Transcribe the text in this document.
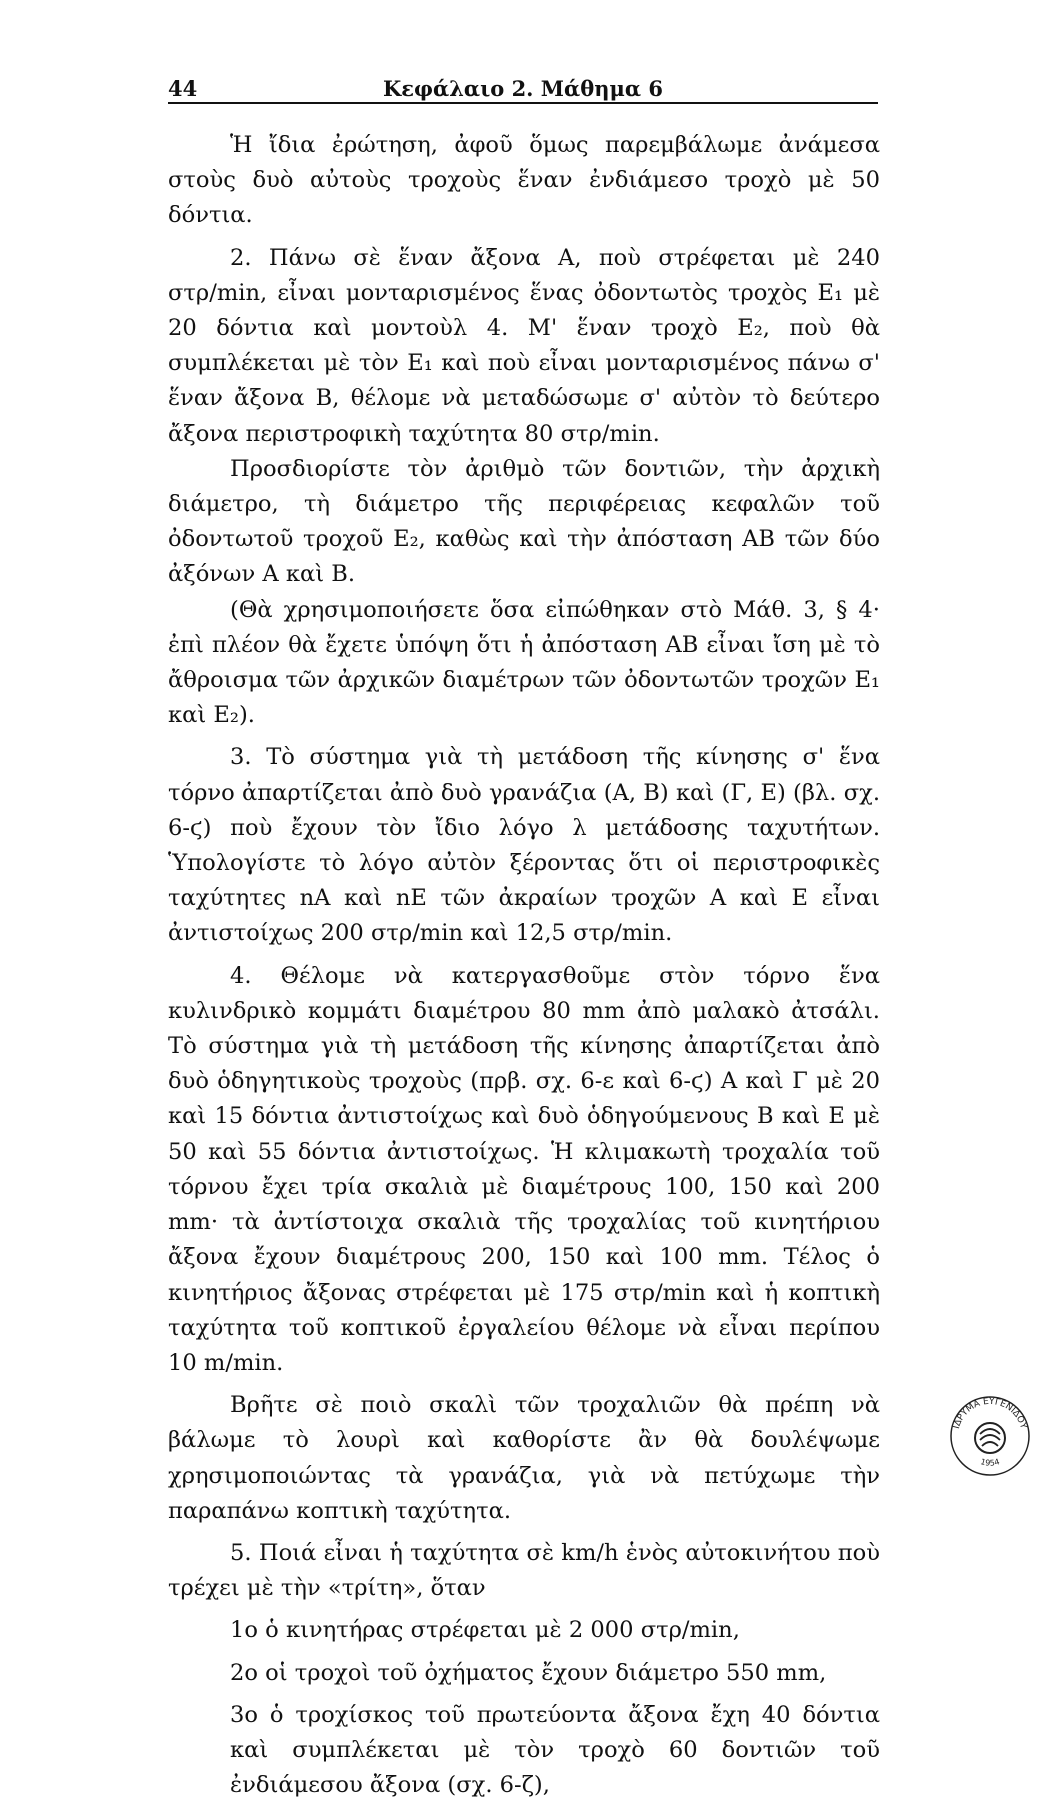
44	Κεφάλαιο 2. Μάθημα 6

Ἡ ἴδια ἐρώτηση, ἀφοῦ ὅμως παρεμβάλωμε ἀνάμεσα στοὺς δυὸ αὐτοὺς τροχοὺς ἕναν ἐνδιάμεσο τροχὸ μὲ 50 δόντια.

2. Πάνω σὲ ἕναν ἄξονα Α, ποὺ στρέφεται μὲ 240 στρ/min, εἶναι μονταρισμένος ἕνας ὀδοντωτὸς τροχὸς Ε₁ μὲ 20 δόντια καὶ μοντοὺλ 4. Μ' ἕναν τροχὸ Ε₂, ποὺ θὰ συμπλέκεται μὲ τὸν Ε₁ καὶ ποὺ εἶναι μονταρισμένος πάνω σ' ἕναν ἄξονα Β, θέλομε νὰ μεταδώσωμε σ' αὐτὸν τὸ δεύτερο ἄξονα περιστροφικὴ ταχύτητα 80 στρ/min.

Προσδιορίστε τὸν ἀριθμὸ τῶν δοντιῶν, τὴν ἀρχικὴ διάμετρο, τὴ διάμετρο τῆς περιφέρειας κεφαλῶν τοῦ ὀδοντωτοῦ τροχοῦ Ε₂, καθὼς καὶ τὴν ἀπόσταση ΑΒ τῶν δύο ἀξόνων Α καὶ Β.

(Θὰ χρησιμοποιήσετε ὅσα εἰπώθηκαν στὸ Μάθ. 3, § 4· ἐπὶ πλέον θὰ ἔχετε ὑπόψη ὅτι ἡ ἀπόσταση ΑΒ εἶναι ἴση μὲ τὸ ἄθροισμα τῶν ἀρχικῶν διαμέτρων τῶν ὀδοντωτῶν τροχῶν Ε₁ καὶ Ε₂).

3. Τὸ σύστημα γιὰ τὴ μετάδοση τῆς κίνησης σ' ἕνα τόρνο ἀπαρτίζεται ἀπὸ δυὸ γρανάζια (Α, Β) καὶ (Γ, Ε) (βλ. σχ. 6-ϛ) ποὺ ἔχουν τὸν ἴδιο λόγο λ μετάδοσης ταχυτήτων. Ὑπολογίστε τὸ λόγο αὐτὸν ξέροντας ὅτι οἱ περιστροφικὲς ταχύτητες nA καὶ nE τῶν ἀκραίων τροχῶν Α καὶ Ε εἶναι ἀντιστοίχως 200 στρ/min καὶ 12,5 στρ/min.

4. Θέλομε νὰ κατεργασθοῦμε στὸν τόρνο ἕνα κυλινδρικὸ κομμάτι διαμέτρου 80 mm ἀπὸ μαλακὸ ἀτσάλι. Τὸ σύστημα γιὰ τὴ μετάδοση τῆς κίνησης ἀπαρτίζεται ἀπὸ δυὸ ὁδηγητικοὺς τροχοὺς (πρβ. σχ. 6-ε καὶ 6-ϛ) Α καὶ Γ μὲ 20 καὶ 15 δόντια ἀντιστοίχως καὶ δυὸ ὁδηγούμενους Β καὶ Ε μὲ 50 καὶ 55 δόντια ἀντιστοίχως. Ἡ κλιμακωτὴ τροχαλία τοῦ τόρνου ἔχει τρία σκαλιὰ μὲ διαμέτρους 100, 150 καὶ 200 mm· τὰ ἀντίστοιχα σκαλιὰ τῆς τροχαλίας τοῦ κινητήριου ἄξονα ἔχουν διαμέτρους 200, 150 καὶ 100 mm. Τέλος ὁ κινητήριος ἄξονας στρέφεται μὲ 175 στρ/min καὶ ἡ κοπτικὴ ταχύτητα τοῦ κοπτικοῦ ἐργαλείου θέλομε νὰ εἶναι περίπου 10 m/min.

Βρῆτε σὲ ποιὸ σκαλὶ τῶν τροχαλιῶν θὰ πρέπη νὰ βάλωμε τὸ λουρὶ καὶ καθορίστε ἂν θὰ δουλέψωμε χρησιμοποιώντας τὰ γρανάζια, γιὰ νὰ πετύχωμε τὴν παραπάνω κοπτικὴ ταχύτητα.

5. Ποιά εἶναι ἡ ταχύτητα σὲ km/h ἑνὸς αὐτοκινήτου ποὺ τρέχει μὲ τὴν «τρίτη», ὅταν

1ο ὁ κινητήρας στρέφεται μὲ 2 000 στρ/min,

2ο οἱ τροχοὶ τοῦ ὀχήματος ἔχουν διάμετρο 550 mm,

3ο ὁ τροχίσκος τοῦ πρωτεύοντα ἄξονα ἔχη 40 δόντια καὶ συμπλέκεται μὲ τὸν τροχὸ 60 δοντιῶν τοῦ ἐνδιάμεσου ἄξονα (σχ. 6-ζ),

ΙΔΡΥΜΑ ΕΥΓΕΝΙΔΟΥ
1954
